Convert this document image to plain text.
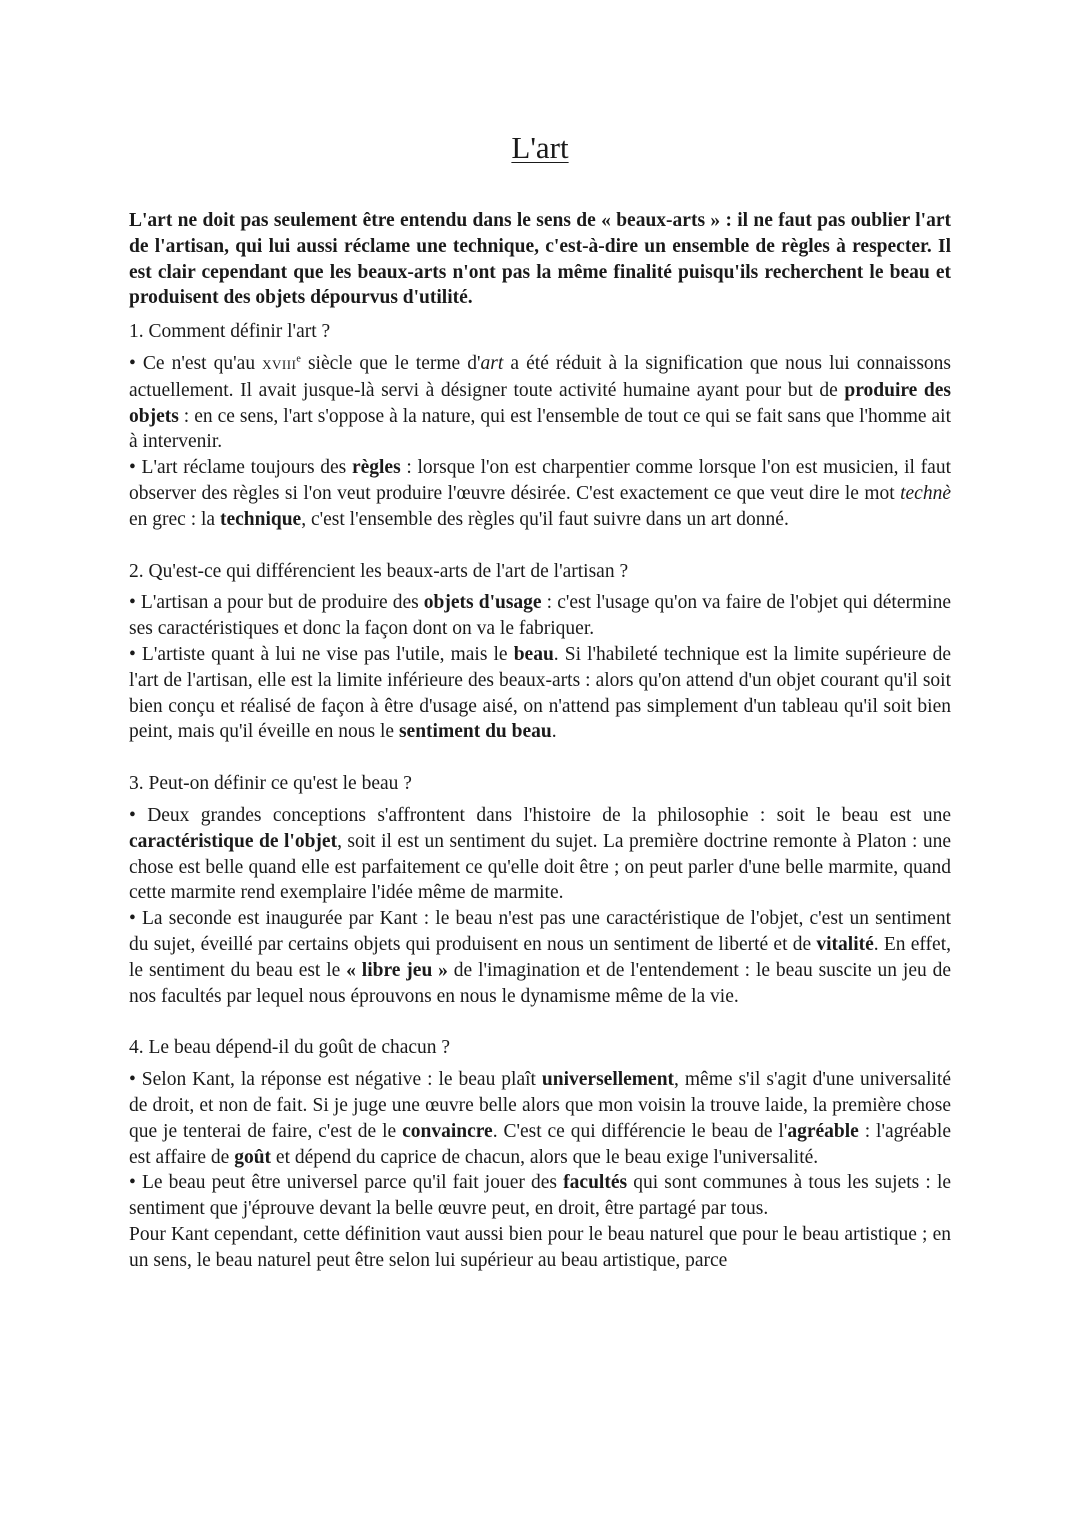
L'art

L'art ne doit pas seulement être entendu dans le sens de « beaux-arts » : il ne faut pas oublier l'art de l'artisan, qui lui aussi réclame une technique, c'est-à-dire un ensemble de règles à respecter. Il est clair cependant que les beaux-arts n'ont pas la même finalité puisqu'ils recherchent le beau et produisent des objets dépourvus d'utilité.

1. Comment définir l'art ?

• Ce n'est qu'au XVIIIe siècle que le terme d'art a été réduit à la signification que nous lui connaissons actuellement. Il avait jusque-là servi à désigner toute activité humaine ayant pour but de produire des objets : en ce sens, l'art s'oppose à la nature, qui est l'ensemble de tout ce qui se fait sans que l'homme ait à intervenir.

• L'art réclame toujours des règles : lorsque l'on est charpentier comme lorsque l'on est musicien, il faut observer des règles si l'on veut produire l'œuvre désirée. C'est exactement ce que veut dire le mot technè en grec : la technique, c'est l'ensemble des règles qu'il faut suivre dans un art donné.

2. Qu'est-ce qui différencient les beaux-arts de l'art de l'artisan ?

• L'artisan a pour but de produire des objets d'usage : c'est l'usage qu'on va faire de l'objet qui détermine ses caractéristiques et donc la façon dont on va le fabriquer.

• L'artiste quant à lui ne vise pas l'utile, mais le beau. Si l'habileté technique est la limite supérieure de l'art de l'artisan, elle est la limite inférieure des beaux-arts : alors qu'on attend d'un objet courant qu'il soit bien conçu et réalisé de façon à être d'usage aisé, on n'attend pas simplement d'un tableau qu'il soit bien peint, mais qu'il éveille en nous le sentiment du beau.

3. Peut-on définir ce qu'est le beau ?

• Deux grandes conceptions s'affrontent dans l'histoire de la philosophie : soit le beau est une caractéristique de l'objet, soit il est un sentiment du sujet. La première doctrine remonte à Platon : une chose est belle quand elle est parfaitement ce qu'elle doit être ; on peut parler d'une belle marmite, quand cette marmite rend exemplaire l'idée même de marmite.

• La seconde est inaugurée par Kant : le beau n'est pas une caractéristique de l'objet, c'est un sentiment du sujet, éveillé par certains objets qui produisent en nous un sentiment de liberté et de vitalité. En effet, le sentiment du beau est le « libre jeu » de l'imagination et de l'entendement : le beau suscite un jeu de nos facultés par lequel nous éprouvons en nous le dynamisme même de la vie.

4. Le beau dépend-il du goût de chacun ?

• Selon Kant, la réponse est négative : le beau plaît universellement, même s'il s'agit d'une universalité de droit, et non de fait. Si je juge une œuvre belle alors que mon voisin la trouve laide, la première chose que je tenterai de faire, c'est de le convaincre. C'est ce qui différencie le beau de l'agréable : l'agréable est affaire de goût et dépend du caprice de chacun, alors que le beau exige l'universalité.

• Le beau peut être universel parce qu'il fait jouer des facultés qui sont communes à tous les sujets : le sentiment que j'éprouve devant la belle œuvre peut, en droit, être partagé par tous.

Pour Kant cependant, cette définition vaut aussi bien pour le beau naturel que pour le beau artistique ; en un sens, le beau naturel peut être selon lui supérieur au beau artistique, parce
